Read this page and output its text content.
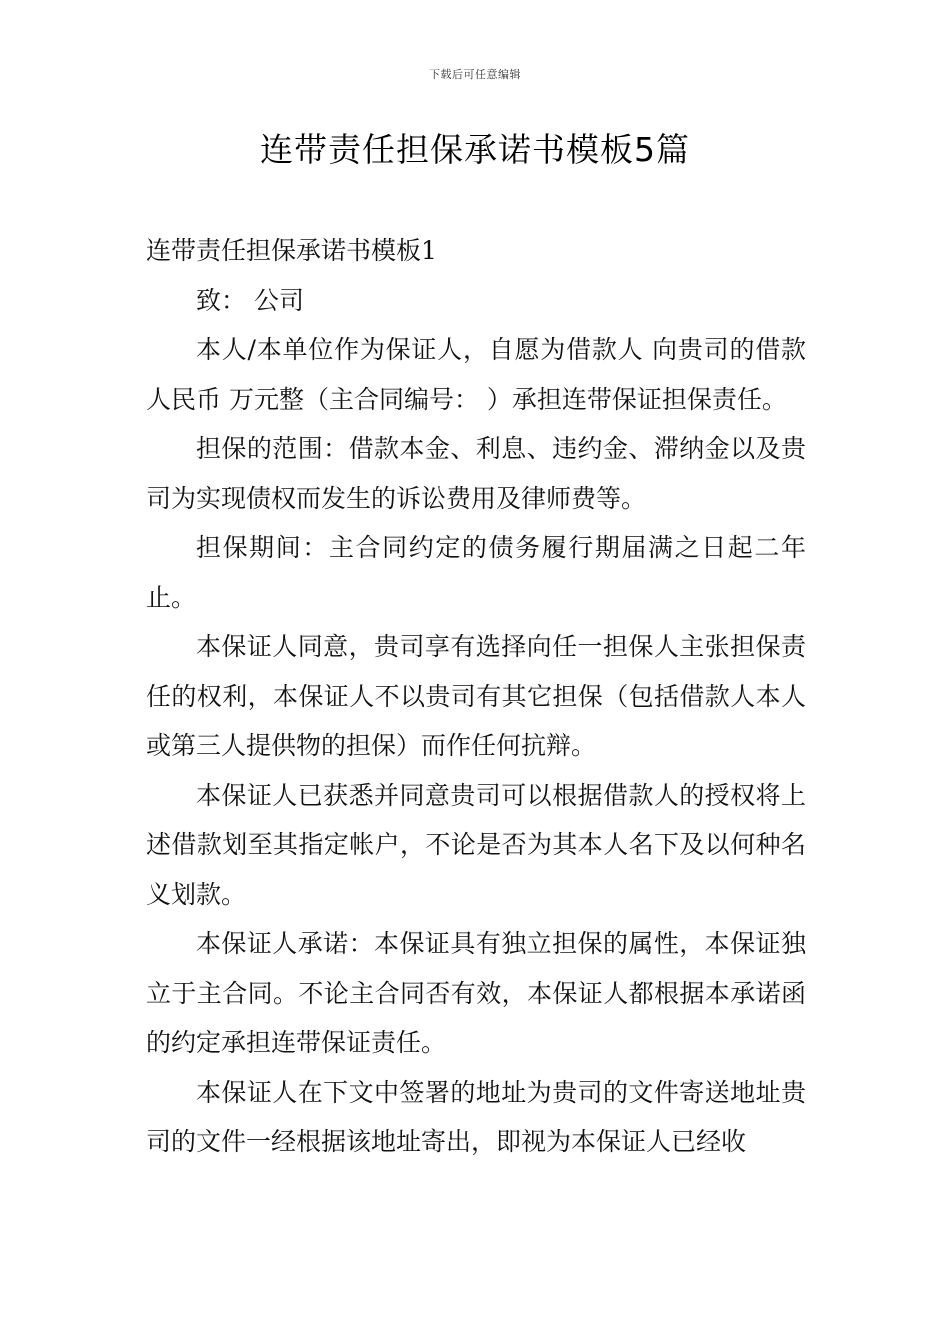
下载后可任意编辑
连带责任担保承诺书模板5篇

连带责任担保承诺书模板1

致： 公司

本人/本单位作为保证人，自愿为借款人 向贵司的借款人民币 万元整（主合同编号： ）承担连带保证担保责任。

担保的范围：借款本金、利息、违约金、滞纳金以及贵司为实现债权而发生的诉讼费用及律师费等。

担保期间：主合同约定的债务履行期届满之日起二年止。

本保证人同意，贵司享有选择向任一担保人主张担保责任的权利，本保证人不以贵司有其它担保（包括借款人本人或第三人提供物的担保）而作任何抗辩。

本保证人已获悉并同意贵司可以根据借款人的授权将上述借款划至其指定帐户，不论是否为其本人名下及以何种名义划款。

本保证人承诺：本保证具有独立担保的属性，本保证独立于主合同。不论主合同否有效，本保证人都根据本承诺函的约定承担连带保证责任。

本保证人在下文中签署的地址为贵司的文件寄送地址贵司的文件一经根据该地址寄出，即视为本保证人已经收
